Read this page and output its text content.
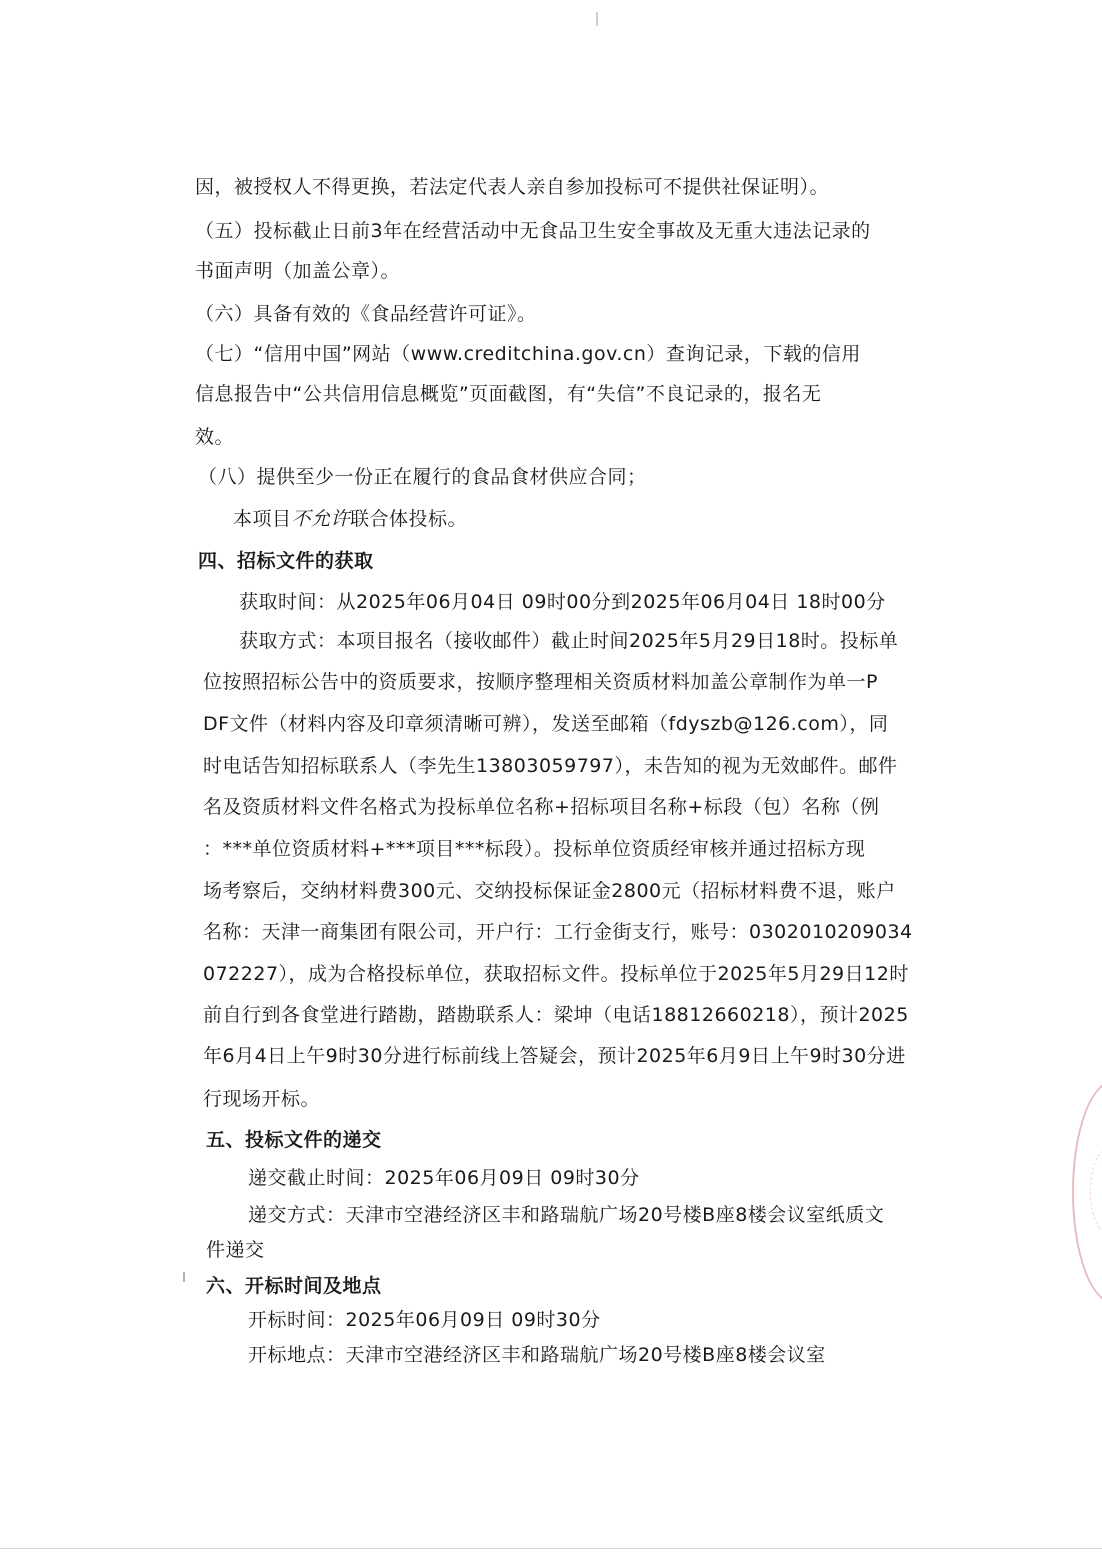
因，被授权人不得更换，若法定代表人亲自参加投标可不提供社保证明）。
（五）投标截止日前3年在经营活动中无食品卫生安全事故及无重大违法记录的
书面声明（加盖公章）。
（六）具备有效的《食品经营许可证》。
（七）“信用中国”网站（www.creditchina.gov.cn）查询记录，下载的信用
信息报告中“公共信用信息概览”页面截图，有“失信”不良记录的，报名无
效。
（八）提供至少一份正在履行的食品食材供应合同；
本项目不允许联合体投标。
四、招标文件的获取
获取时间：从2025年06月04日 09时00分到2025年06月04日 18时00分
获取方式：本项目报名（接收邮件）截止时间2025年5月29日18时。投标单
位按照招标公告中的资质要求，按顺序整理相关资质材料加盖公章制作为单一P
DF文件（材料内容及印章须清晰可辨），发送至邮箱（fdyszb@126.com），同
时电话告知招标联系人（李先生13803059797），未告知的视为无效邮件。邮件
名及资质材料文件名格式为投标单位名称+招标项目名称+标段（包）名称（例
：***单位资质材料+***项目***标段）。投标单位资质经审核并通过招标方现
场考察后，交纳材料费300元、交纳投标保证金2800元（招标材料费不退，账户
名称：天津一商集团有限公司，开户行：工行金街支行，账号：0302010209034
072227），成为合格投标单位，获取招标文件。投标单位于2025年5月29日12时
前自行到各食堂进行踏勘，踏勘联系人：梁坤（电话18812660218），预计2025
年6月4日上午9时30分进行标前线上答疑会，预计2025年6月9日上午9时30分进
行现场开标。
五、投标文件的递交
递交截止时间：2025年06月09日 09时30分
递交方式：天津市空港经济区丰和路瑞航广场20号楼B座8楼会议室纸质文
件递交
六、开标时间及地点
开标时间：2025年06月09日 09时30分
开标地点：天津市空港经济区丰和路瑞航广场20号楼B座8楼会议室
